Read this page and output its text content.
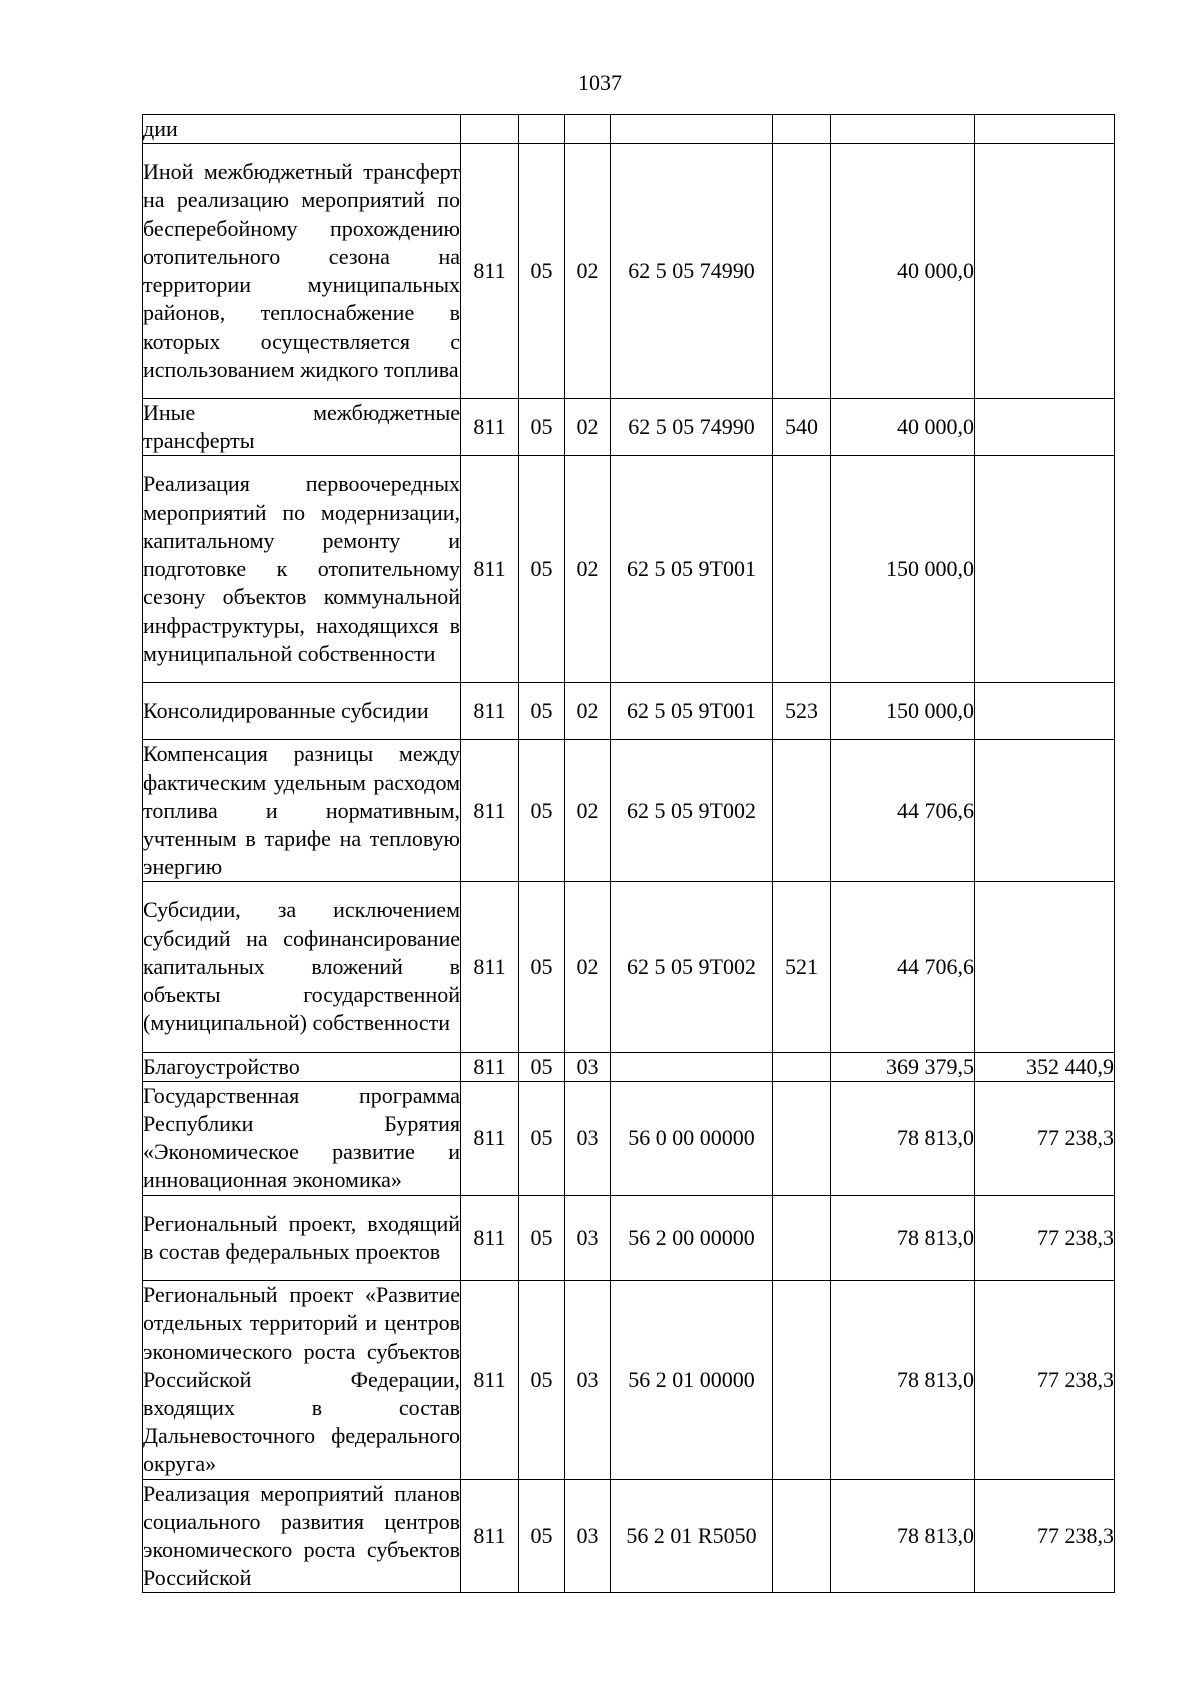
1037
дии							
Иной межбюджетный трансферт на реализацию мероприятий по бесперебойному прохождению отопительного сезона на территории муниципальных районов, теплоснабжение в которых осуществляется с использованием жидкого топлива	811	05	02	62 5 05 74990		40 000,0	
Иные межбюджетные трансферты	811	05	02	62 5 05 74990	540	40 000,0	
Реализация первоочередных мероприятий по модернизации, капитальному ремонту и подготовке к отопительному сезону объектов коммунальной инфраструктуры, находящихся в муниципальной собственности	811	05	02	62 5 05 9Т001		150 000,0	
Консолидированные субсидии	811	05	02	62 5 05 9Т001	523	150 000,0	
Компенсация разницы между фактическим удельным расходом топлива и нормативным, учтенным в тарифе на тепловую энергию	811	05	02	62 5 05 9Т002		44 706,6	
Субсидии, за исключением субсидий на софинансирование капитальных вложений в объекты государственной (муниципальной) собственности	811	05	02	62 5 05 9Т002	521	44 706,6	
Благоустройство	811	05	03			369 379,5	352 440,9
Государственная программа Республики Бурятия «Экономическое развитие и инновационная экономика»	811	05	03	56 0 00 00000		78 813,0	77 238,3
Региональный проект, входящий в состав федеральных проектов	811	05	03	56 2 00 00000		78 813,0	77 238,3
Региональный проект «Развитие отдельных территорий и центров экономического роста субъектов Российской Федерации, входящих в состав Дальневосточного федерального округа»	811	05	03	56 2 01 00000		78 813,0	77 238,3
Реализация мероприятий планов социального развития центров экономического роста субъектов Российской	811	05	03	56 2 01 R5050		78 813,0	77 238,3
